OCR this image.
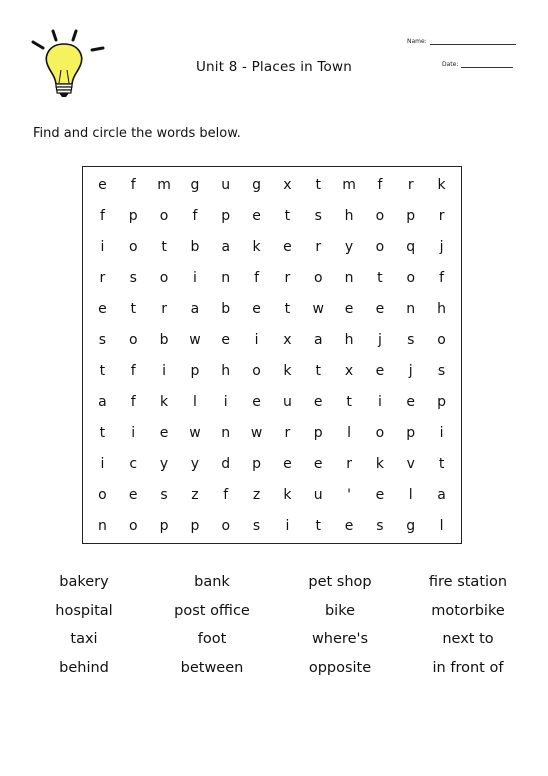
Unit 8 - Places in Town
Name:
Date:
Find and circle the words below.
e	f	m	g	u	g	x	t	m	f	r	k
f	p	o	f	p	e	t	s	h	o	p	r
i	o	t	b	a	k	e	r	y	o	q	j
r	s	o	i	n	f	r	o	n	t	o	f
e	t	r	a	b	e	t	w	e	e	n	h
s	o	b	w	e	i	x	a	h	j	s	o
t	f	i	p	h	o	k	t	x	e	j	s
a	f	k	l	i	e	u	e	t	i	e	p
t	i	e	w	n	w	r	p	l	o	p	i
i	c	y	y	d	p	e	e	r	k	v	t
o	e	s	z	f	z	k	u	'	e	l	a
n	o	p	p	o	s	i	t	e	s	g	l
bakery	bank	pet shop	fire station
hospital	post office	bike	motorbike
taxi	foot	where's	next to
behind	between	opposite	in front of
